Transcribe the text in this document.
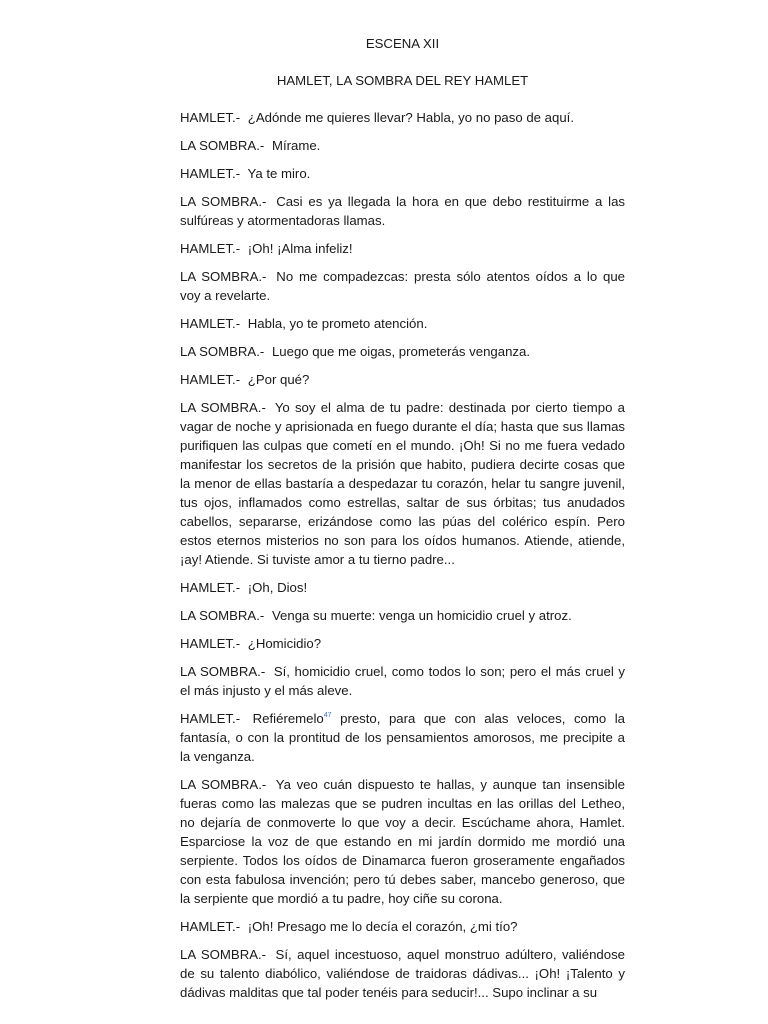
ESCENA XII
HAMLET, LA SOMBRA DEL REY HAMLET

HAMLET.- ¿Adónde me quieres llevar? Habla, yo no paso de aquí.

LA SOMBRA.- Mírame.

HAMLET.- Ya te miro.

LA SOMBRA.- Casi es ya llegada la hora en que debo restituirme a las sulfúreas y atormentadoras llamas.

HAMLET.- ¡Oh! ¡Alma infeliz!

LA SOMBRA.- No me compadezcas: presta sólo atentos oídos a lo que voy a revelarte.

HAMLET.- Habla, yo te prometo atención.

LA SOMBRA.- Luego que me oigas, prometerás venganza.

HAMLET.- ¿Por qué?

LA SOMBRA.- Yo soy el alma de tu padre: destinada por cierto tiempo a vagar de noche y aprisionada en fuego durante el día; hasta que sus llamas purifiquen las culpas que cometí en el mundo. ¡Oh! Si no me fuera vedado manifestar los secretos de la prisión que habito, pudiera decirte cosas que la menor de ellas bastaría a despedazar tu corazón, helar tu sangre juvenil, tus ojos, inflamados como estrellas, saltar de sus órbitas; tus anudados cabellos, separarse, erizándose como las púas del colérico espín. Pero estos eternos misterios no son para los oídos humanos. Atiende, atiende, ¡ay! Atiende. Si tuviste amor a tu tierno padre...

HAMLET.- ¡Oh, Dios!

LA SOMBRA.- Venga su muerte: venga un homicidio cruel y atroz.

HAMLET.- ¿Homicidio?

LA SOMBRA.- Sí, homicidio cruel, como todos lo son; pero el más cruel y el más injusto y el más aleve.

HAMLET.- Refiéremelo$^{47}$ presto, para que con alas veloces, como la fantasía, o con la prontitud de los pensamientos amorosos, me precipite a la venganza.

LA SOMBRA.- Ya veo cuán dispuesto te hallas, y aunque tan insensible fueras como las malezas que se pudren incultas en las orillas del Letheo, no dejaría de conmoverte lo que voy a decir. Escúchame ahora, Hamlet. Esparciose la voz de que estando en mi jardín dormido me mordió una serpiente. Todos los oídos de Dinamarca fueron groseramente engañados con esta fabulosa invención; pero tú debes saber, mancebo generoso, que la serpiente que mordió a tu padre, hoy ciñe su corona.

HAMLET.- ¡Oh! Presago me lo decía el corazón, ¿mi tío?

LA SOMBRA.- Sí, aquel incestuoso, aquel monstruo adúltero, valiéndose de su talento diabólico, valiéndose de traidoras dádivas... ¡Oh! ¡Talento y dádivas malditas que tal poder tenéis para seducir!... Supo inclinar a su
